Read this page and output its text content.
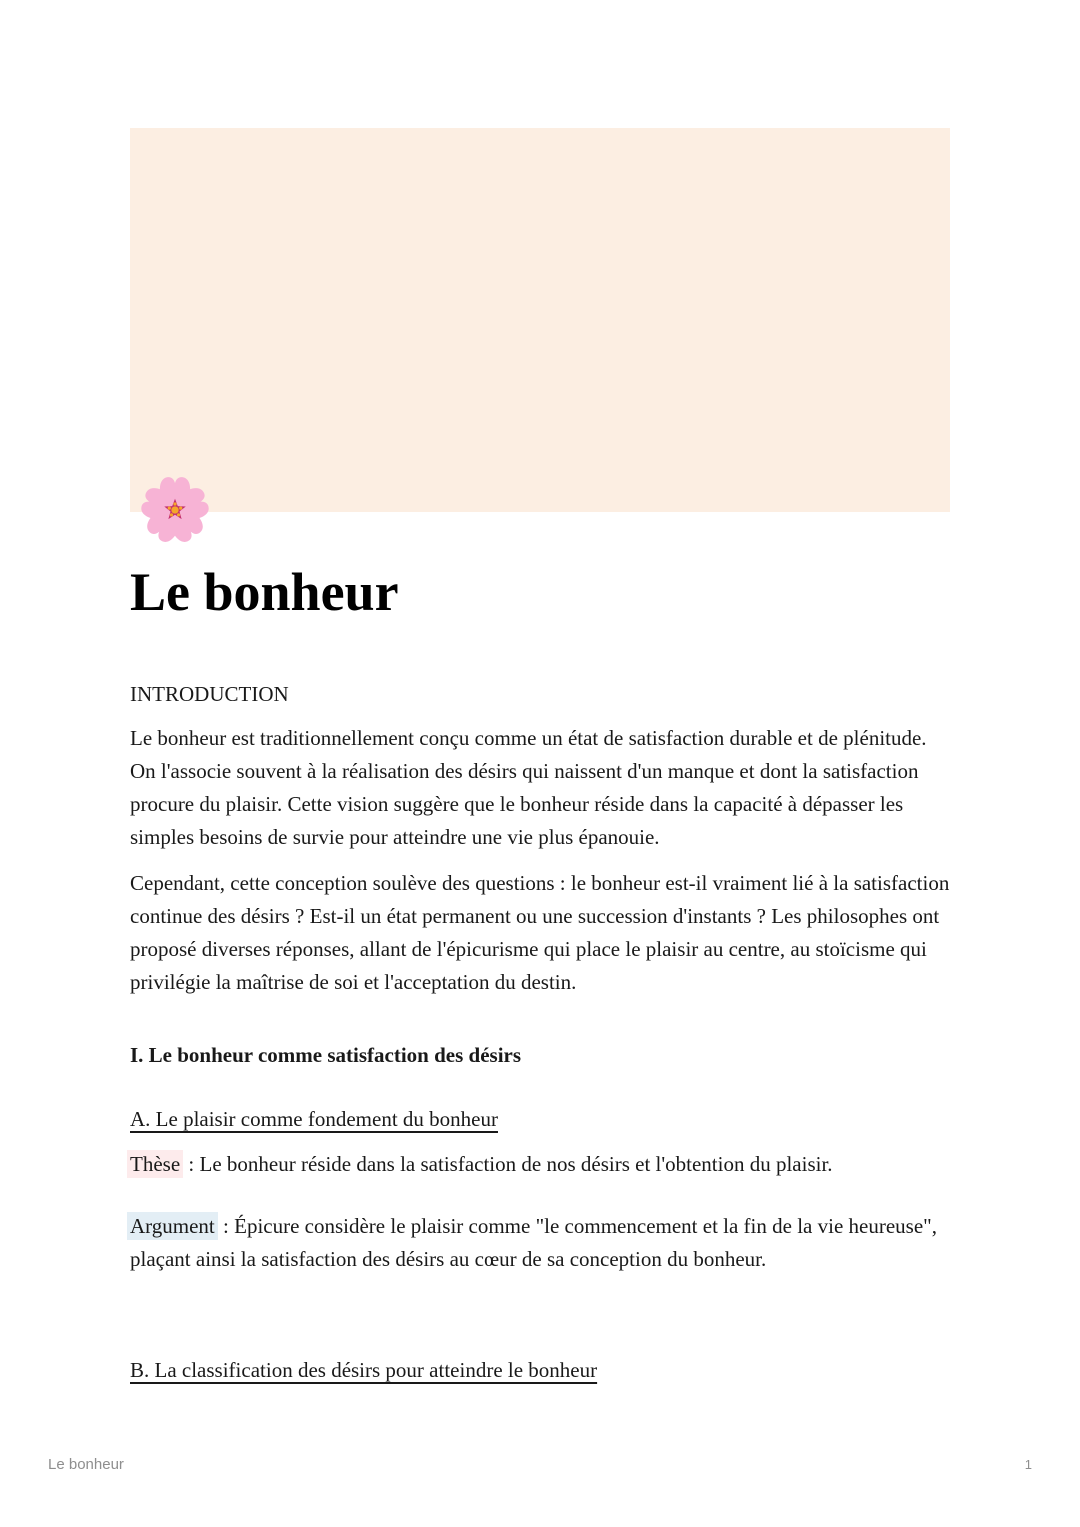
Le bonheur

INTRODUCTION

Le bonheur est traditionnellement conçu comme un état de satisfaction durable et de plénitude. On l'associe souvent à la réalisation des désirs qui naissent d'un manque et dont la satisfaction procure du plaisir. Cette vision suggère que le bonheur réside dans la capacité à dépasser les simples besoins de survie pour atteindre une vie plus épanouie.

Cependant, cette conception soulève des questions : le bonheur est-il vraiment lié à la satisfaction continue des désirs ? Est-il un état permanent ou une succession d'instants ? Les philosophes ont proposé diverses réponses, allant de l'épicurisme qui place le plaisir au centre, au stoïcisme qui privilégie la maîtrise de soi et l'acceptation du destin.

I. Le bonheur comme satisfaction des désirs

A. Le plaisir comme fondement du bonheur

Thèse : Le bonheur réside dans la satisfaction de nos désirs et l'obtention du plaisir.

Argument : Épicure considère le plaisir comme "le commencement et la fin de la vie heureuse", plaçant ainsi la satisfaction des désirs au cœur de sa conception du bonheur.

B. La classification des désirs pour atteindre le bonheur

Le bonheur	1
